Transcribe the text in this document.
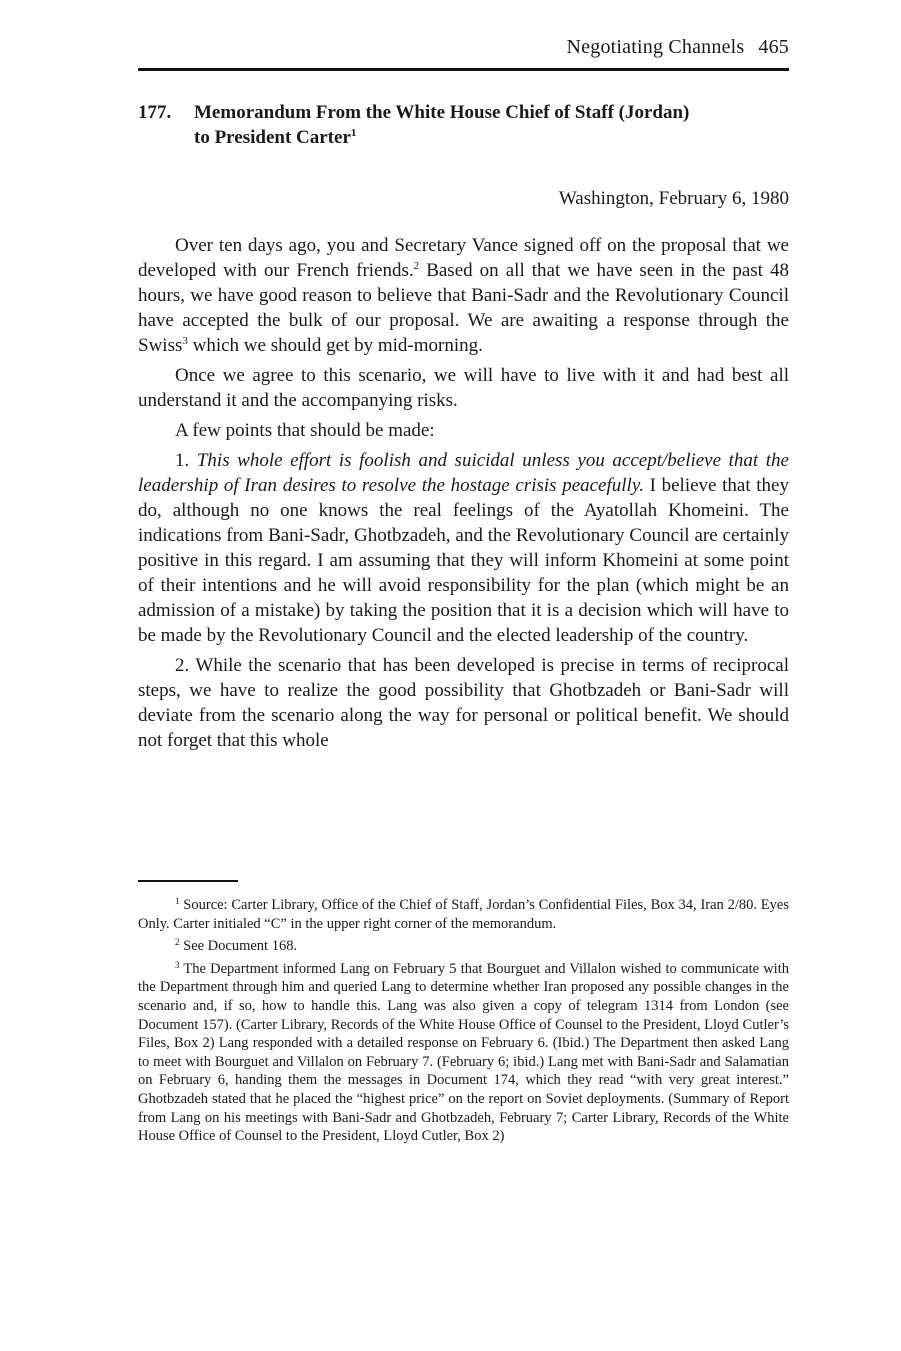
Negotiating Channels 465
177. Memorandum From the White House Chief of Staff (Jordan)
to President Carter$^1$
Washington, February 6, 1980

Over ten days ago, you and Secretary Vance signed off on the proposal that we developed with our French friends.$^2$ Based on all that we have seen in the past 48 hours, we have good reason to believe that Bani-Sadr and the Revolutionary Council have accepted the bulk of our proposal. We are awaiting a response through the Swiss$^3$ which we should get by mid-morning.

Once we agree to this scenario, we will have to live with it and had best all understand it and the accompanying risks.

A few points that should be made:

1. This whole effort is foolish and suicidal unless you accept/believe that the leadership of Iran desires to resolve the hostage crisis peacefully. I believe that they do, although no one knows the real feelings of the Ayatollah Khomeini. The indications from Bani-Sadr, Ghotbzadeh, and the Revolutionary Council are certainly positive in this regard. I am assuming that they will inform Khomeini at some point of their intentions and he will avoid responsibility for the plan (which might be an admission of a mistake) by taking the position that it is a decision which will have to be made by the Revolutionary Council and the elected leadership of the country.

2. While the scenario that has been developed is precise in terms of reciprocal steps, we have to realize the good possibility that Ghotbzadeh or Bani-Sadr will deviate from the scenario along the way for personal or political benefit. We should not forget that this whole

$^1$ Source: Carter Library, Office of the Chief of Staff, Jordan’s Confidential Files, Box 34, Iran 2/80. Eyes Only. Carter initialed “C” in the upper right corner of the memorandum.

$^2$ See Document 168.

$^3$ The Department informed Lang on February 5 that Bourguet and Villalon wished to communicate with the Department through him and queried Lang to determine whether Iran proposed any possible changes in the scenario and, if so, how to handle this. Lang was also given a copy of telegram 1314 from London (see Document 157). (Carter Library, Records of the White House Office of Counsel to the President, Lloyd Cutler’s Files, Box 2) Lang responded with a detailed response on February 6. (Ibid.) The Department then asked Lang to meet with Bourguet and Villalon on February 7. (February 6; ibid.) Lang met with Bani-Sadr and Salamatian on February 6, handing them the messages in Document 174, which they read “with very great interest.” Ghotbzadeh stated that he placed the “highest price” on the report on Soviet deployments. (Summary of Report from Lang on his meetings with Bani-Sadr and Ghotbzadeh, February 7; Carter Library, Records of the White House Office of Counsel to the President, Lloyd Cutler, Box 2)
